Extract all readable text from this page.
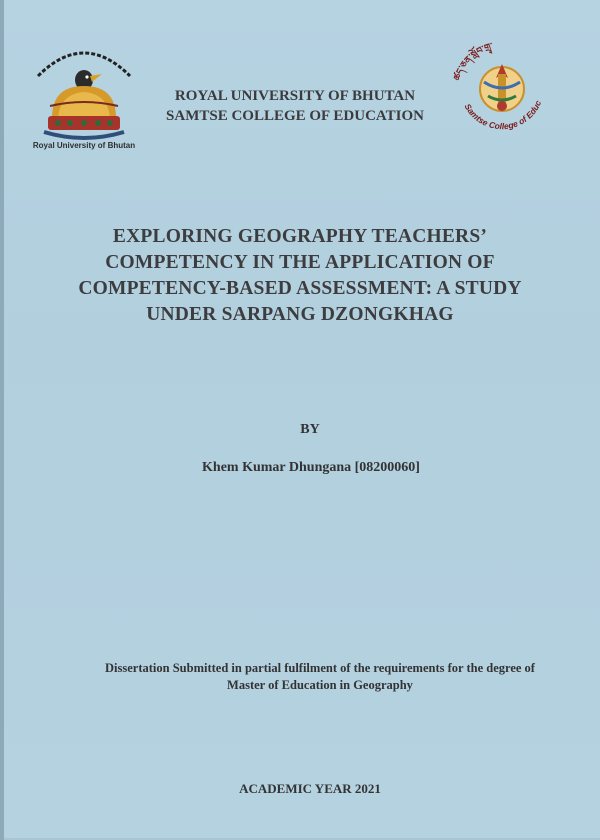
Royal University of Bhutan
ROYAL UNIVERSITY OF BHUTAN
SAMTSE COLLEGE OF EDUCATION
ཚད་ཅན་སློབ་གྲྭ་
Samtse College of Educ
EXPLORING GEOGRAPHY TEACHERS’
COMPETENCY IN THE APPLICATION OF
COMPETENCY-BASED ASSESSMENT: A STUDY
UNDER SARPANG DZONGKHAG
BY
Khem Kumar Dhungana [08200060]
Dissertation Submitted in partial fulfilment of the requirements for the degree of
Master of Education in Geography
ACADEMIC YEAR 2021
